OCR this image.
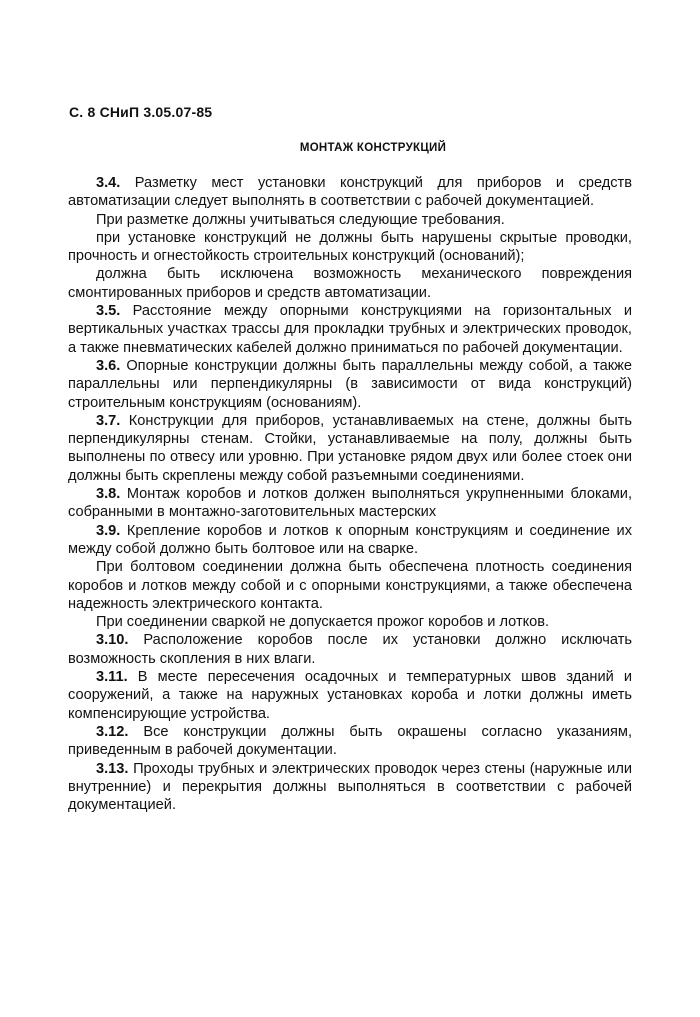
С. 8 СНиП 3.05.07-85
МОНТАЖ КОНСТРУКЦИЙ

3.4. Разметку мест установки конструкций для приборов и средств автоматизации следует выполнять в соответствии с рабочей документацией.

При разметке должны учитываться следующие требования.

при установке конструкций не должны быть нарушены скрытые проводки, прочность и огнестойкость строительных конструкций (оснований);

должна быть исключена возможность механического повреждения смонтированных приборов и средств автоматизации.

3.5. Расстояние между опорными конструкциями на горизонтальных и вертикальных участках трассы для прокладки трубных и электрических проводок, а также пневматических кабелей должно приниматься по рабочей документации.

3.6. Опорные конструкции должны быть параллельны между собой, а также параллельны или перпендикулярны (в зависимости от вида конструкций) строительным конструкциям (основаниям).

3.7. Конструкции для приборов, устанавливаемых на стене, должны быть перпендикулярны стенам. Стойки, устанавливаемые на полу, должны быть выполнены по отвесу или уровню. При установке рядом двух или более стоек они должны быть скреплены между собой разъемными соединениями.

3.8. Монтаж коробов и лотков должен выполняться укрупненными блоками, собранными в монтажно-заготовительных мастерских

3.9. Крепление коробов и лотков к опорным конструкциям и соединение их между собой должно быть болтовое или на сварке.

При болтовом соединении должна быть обеспечена плотность соединения коробов и лотков между собой и с опорными конструкциями, а также обеспечена надежность электрического контакта.

При соединении сваркой не допускается прожог коробов и лотков.

3.10. Расположение коробов после их установки должно исключать возможность скопления в них влаги.

3.11. В месте пересечения осадочных и температурных швов зданий и сооружений, а также на наружных установках короба и лотки должны иметь компенсирующие устройства.

3.12. Все конструкции должны быть окрашены согласно указаниям, приведенным в рабочей документации.

3.13. Проходы трубных и электрических проводок через стены (наружные или внутренние) и перекрытия должны выполняться в соответствии с рабочей документацией.
